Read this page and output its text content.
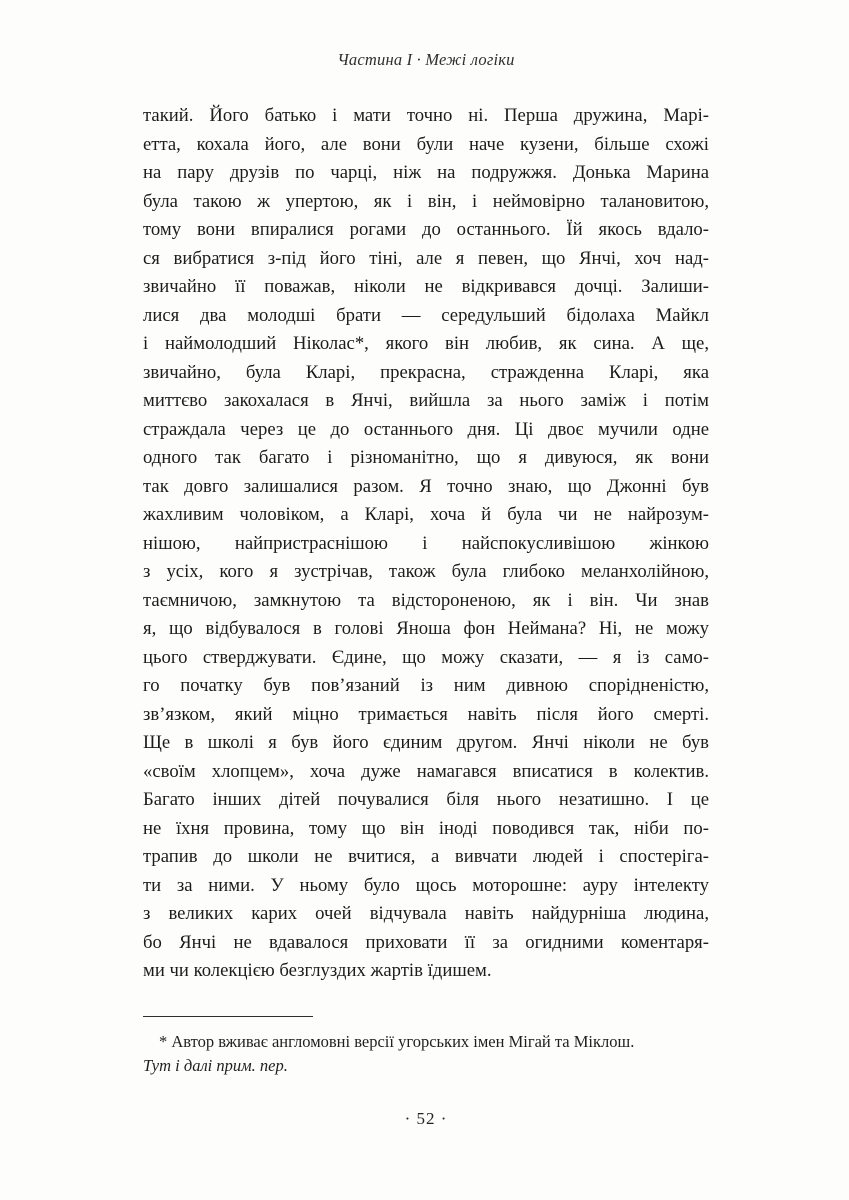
Частина I · Межі логіки
такий. Його батько і мати точно ні. Перша дружина, Марі-
етта, кохала його, але вони були наче кузени, більше схожі
на пару друзів по чарці, ніж на подружжя. Донька Марина
була такою ж упертою, як і він, і неймовірно талановитою,
тому вони впиралися рогами до останнього. Їй якось вдало-
ся вибратися з-під його тіні, але я певен, що Янчі, хоч над-
звичайно її поважав, ніколи не відкривався дочці. Залиши-
лися два молодші брати — середульший бідолаха Майкл
і наймолодший Ніколас*, якого він любив, як сина. А ще,
звичайно, була Кларі, прекрасна, стражденна Кларі, яка
миттєво закохалася в Янчі, вийшла за нього заміж і потім
страждала через це до останнього дня. Ці двоє мучили одне
одного так багато і різноманітно, що я дивуюся, як вони
так довго залишалися разом. Я точно знаю, що Джонні був
жахливим чоловіком, а Кларі, хоча й була чи не найрозум-
нішою, найпристраснішою і найспокусливішою жінкою
з усіх, кого я зустрічав, також була глибоко меланхолійною,
таємничою, замкнутою та відстороненою, як і він. Чи знав
я, що відбувалося в голові Яноша фон Неймана? Ні, не можу
цього стверджувати. Єдине, що можу сказати, — я із само-
го початку був пов’язаний із ним дивною спорідненістю,
зв’язком, який міцно тримається навіть після його смерті.
Ще в школі я був його єдиним другом. Янчі ніколи не був
«своїм хлопцем», хоча дуже намагався вписатися в колектив.
Багато інших дітей почувалися біля нього незатишно. І це
не їхня провина, тому що він іноді поводився так, ніби по-
трапив до школи не вчитися, а вивчати людей і спостеріга-
ти за ними. У ньому було щось моторошне: ауру інтелекту
з великих карих очей відчувала навіть найдурніша людина,
бо Янчі не вдавалося приховати її за огидними коментаря-
ми чи колекцією безглуздих жартів їдишем.

* Автор вживає англомовні версії угорських імен Мігай та Міклош.
Тут і далі прим. пер.

· 52 ·
